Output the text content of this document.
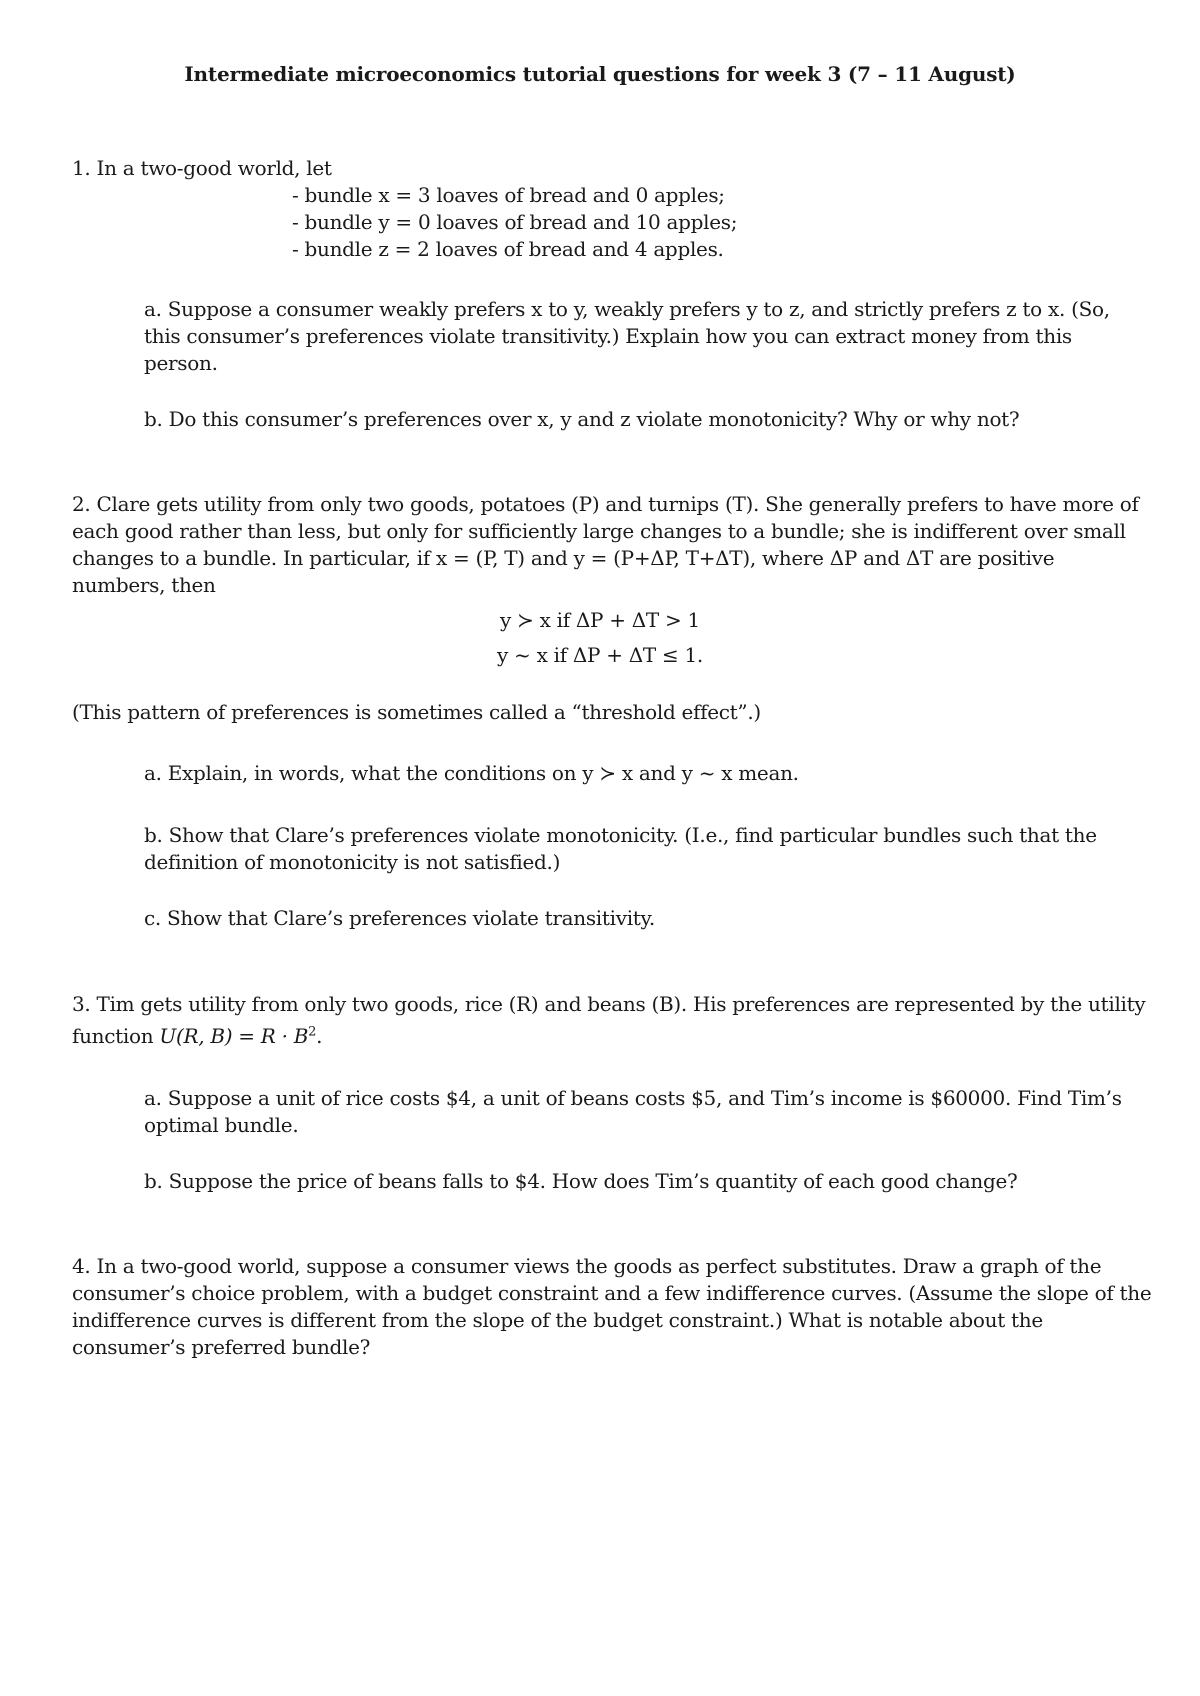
Intermediate microeconomics tutorial questions for week 3 (7 – 11 August)
1. In a two-good world, let
- bundle x = 3 loaves of bread and 0 apples;
- bundle y = 0 loaves of bread and 10 apples;
- bundle z = 2 loaves of bread and 4 apples.
a. Suppose a consumer weakly prefers x to y, weakly prefers y to z, and strictly prefers z to x. (So,
this consumer’s preferences violate transitivity.) Explain how you can extract money from this
person.
b. Do this consumer’s preferences over x, y and z violate monotonicity? Why or why not?
2. Clare gets utility from only two goods, potatoes (P) and turnips (T). She generally prefers to have more of
each good rather than less, but only for sufficiently large changes to a bundle; she is indifferent over small
changes to a bundle. In particular, if x = (P, T) and y = (P+ΔP, T+ΔT), where ΔP and ΔT are positive
numbers, then
y ≻ x if ΔP + ΔT > 1
y ~ x if ΔP + ΔT ≤ 1.
(This pattern of preferences is sometimes called a “threshold effect”.)
a. Explain, in words, what the conditions on y ≻ x and y ~ x mean.
b. Show that Clare’s preferences violate monotonicity. (I.e., find particular bundles such that the
definition of monotonicity is not satisfied.)
c. Show that Clare’s preferences violate transitivity.
3. Tim gets utility from only two goods, rice (R) and beans (B). His preferences are represented by the utility
function U(R, $B) = R \cdot B^2$.
a. Suppose a unit of rice costs $4, a unit of beans costs $5, and Tim’s income is $60000. Find Tim’s
optimal bundle.
b. Suppose the price of beans falls to $4. How does Tim’s quantity of each good change?
4. In a two-good world, suppose a consumer views the goods as perfect substitutes. Draw a graph of the
consumer’s choice problem, with a budget constraint and a few indifference curves. (Assume the slope of the
indifference curves is different from the slope of the budget constraint.) What is notable about the
consumer’s preferred bundle?
